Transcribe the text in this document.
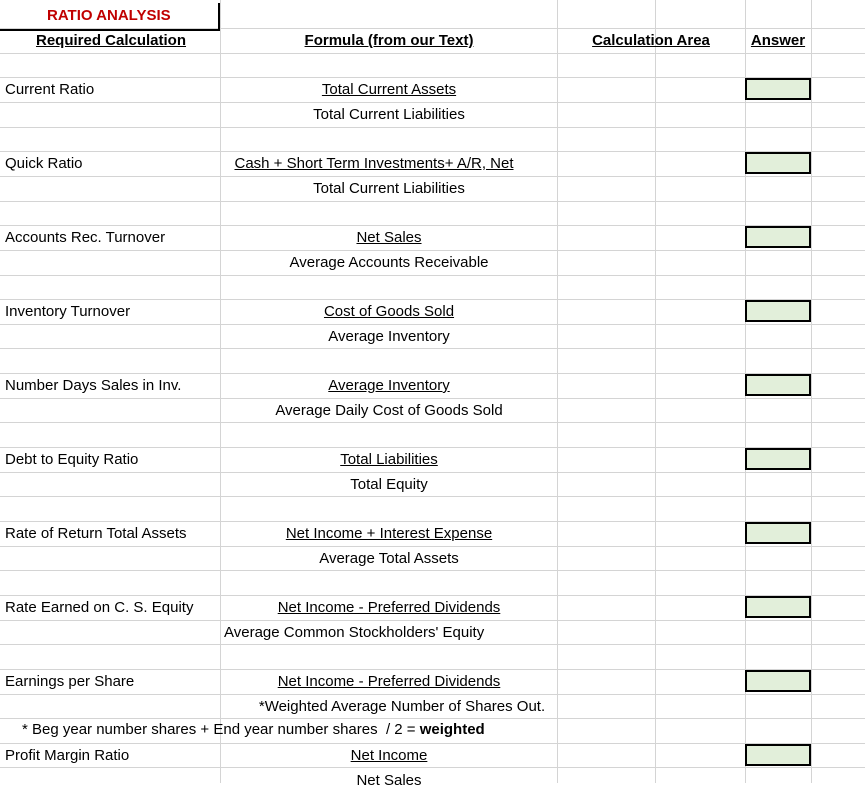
RATIO ANALYSIS
Required Calculation	Formula (from our Text)	Calculation Area	Answer
Current Ratio	Total Current Assets
Total Current Liabilities
Quick Ratio	Cash + Short Term Investments+ A/R, Net
Total Current Liabilities
Accounts Rec. Turnover	Net Sales
Average Accounts Receivable
Inventory Turnover	Cost of Goods Sold
Average Inventory
Number Days Sales in Inv.	Average Inventory
Average Daily Cost of Goods Sold
Debt to Equity Ratio	Total Liabilities
Total Equity
Rate of Return Total Assets	Net Income + Interest Expense
Average Total Assets
Rate Earned on C. S. Equity	Net Income - Preferred Dividends
Average Common Stockholders' Equity
Earnings per Share	Net Income - Preferred Dividends
*Weighted Average Number of Shares Out.
* Beg year number shares + End year number shares  / 2 = weighted
Profit Margin Ratio	Net Income
Net Sales
